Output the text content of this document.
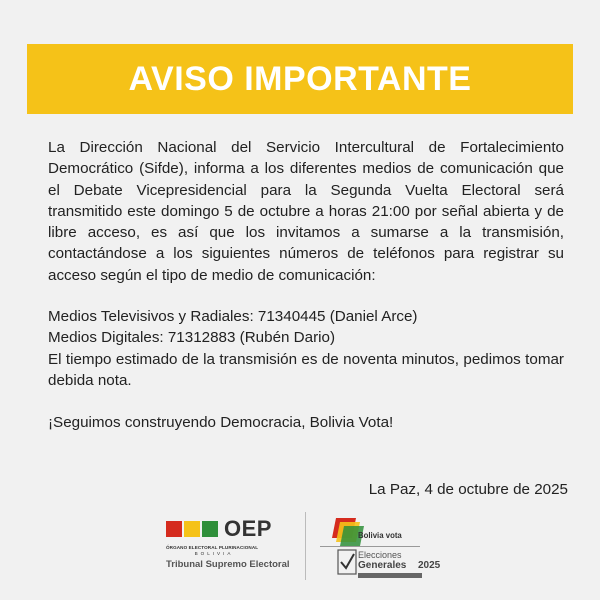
AVISO IMPORTANTE

La Dirección Nacional del Servicio Intercultural de Fortalecimiento Democrático (Sifde), informa a los diferentes medios de comunicación que el Debate Vicepresidencial para la Segunda Vuelta Electoral será transmitido este domingo 5 de octubre a horas 21:00 por señal abierta y de libre acceso, es así que los invitamos a sumarse a la transmisión, contactándose a los siguientes números de teléfonos para registrar su acceso según el tipo de medio de comunicación:

Medios Televisivos y Radiales: 71340445 (Daniel Arce)

Medios Digitales: 71312883 (Rubén Dario)

El tiempo estimado de la transmisión es de noventa minutos, pedimos tomar debida nota.

¡Seguimos construyendo Democracia, Bolivia Vota!

La Paz, 4 de octubre de 2025
OEP
ÓRGANO ELECTORAL PLURINACIONAL
BOLIVIA
Tribunal Supremo Electoral
Bolivia vota
Elecciones
Generales 2025
